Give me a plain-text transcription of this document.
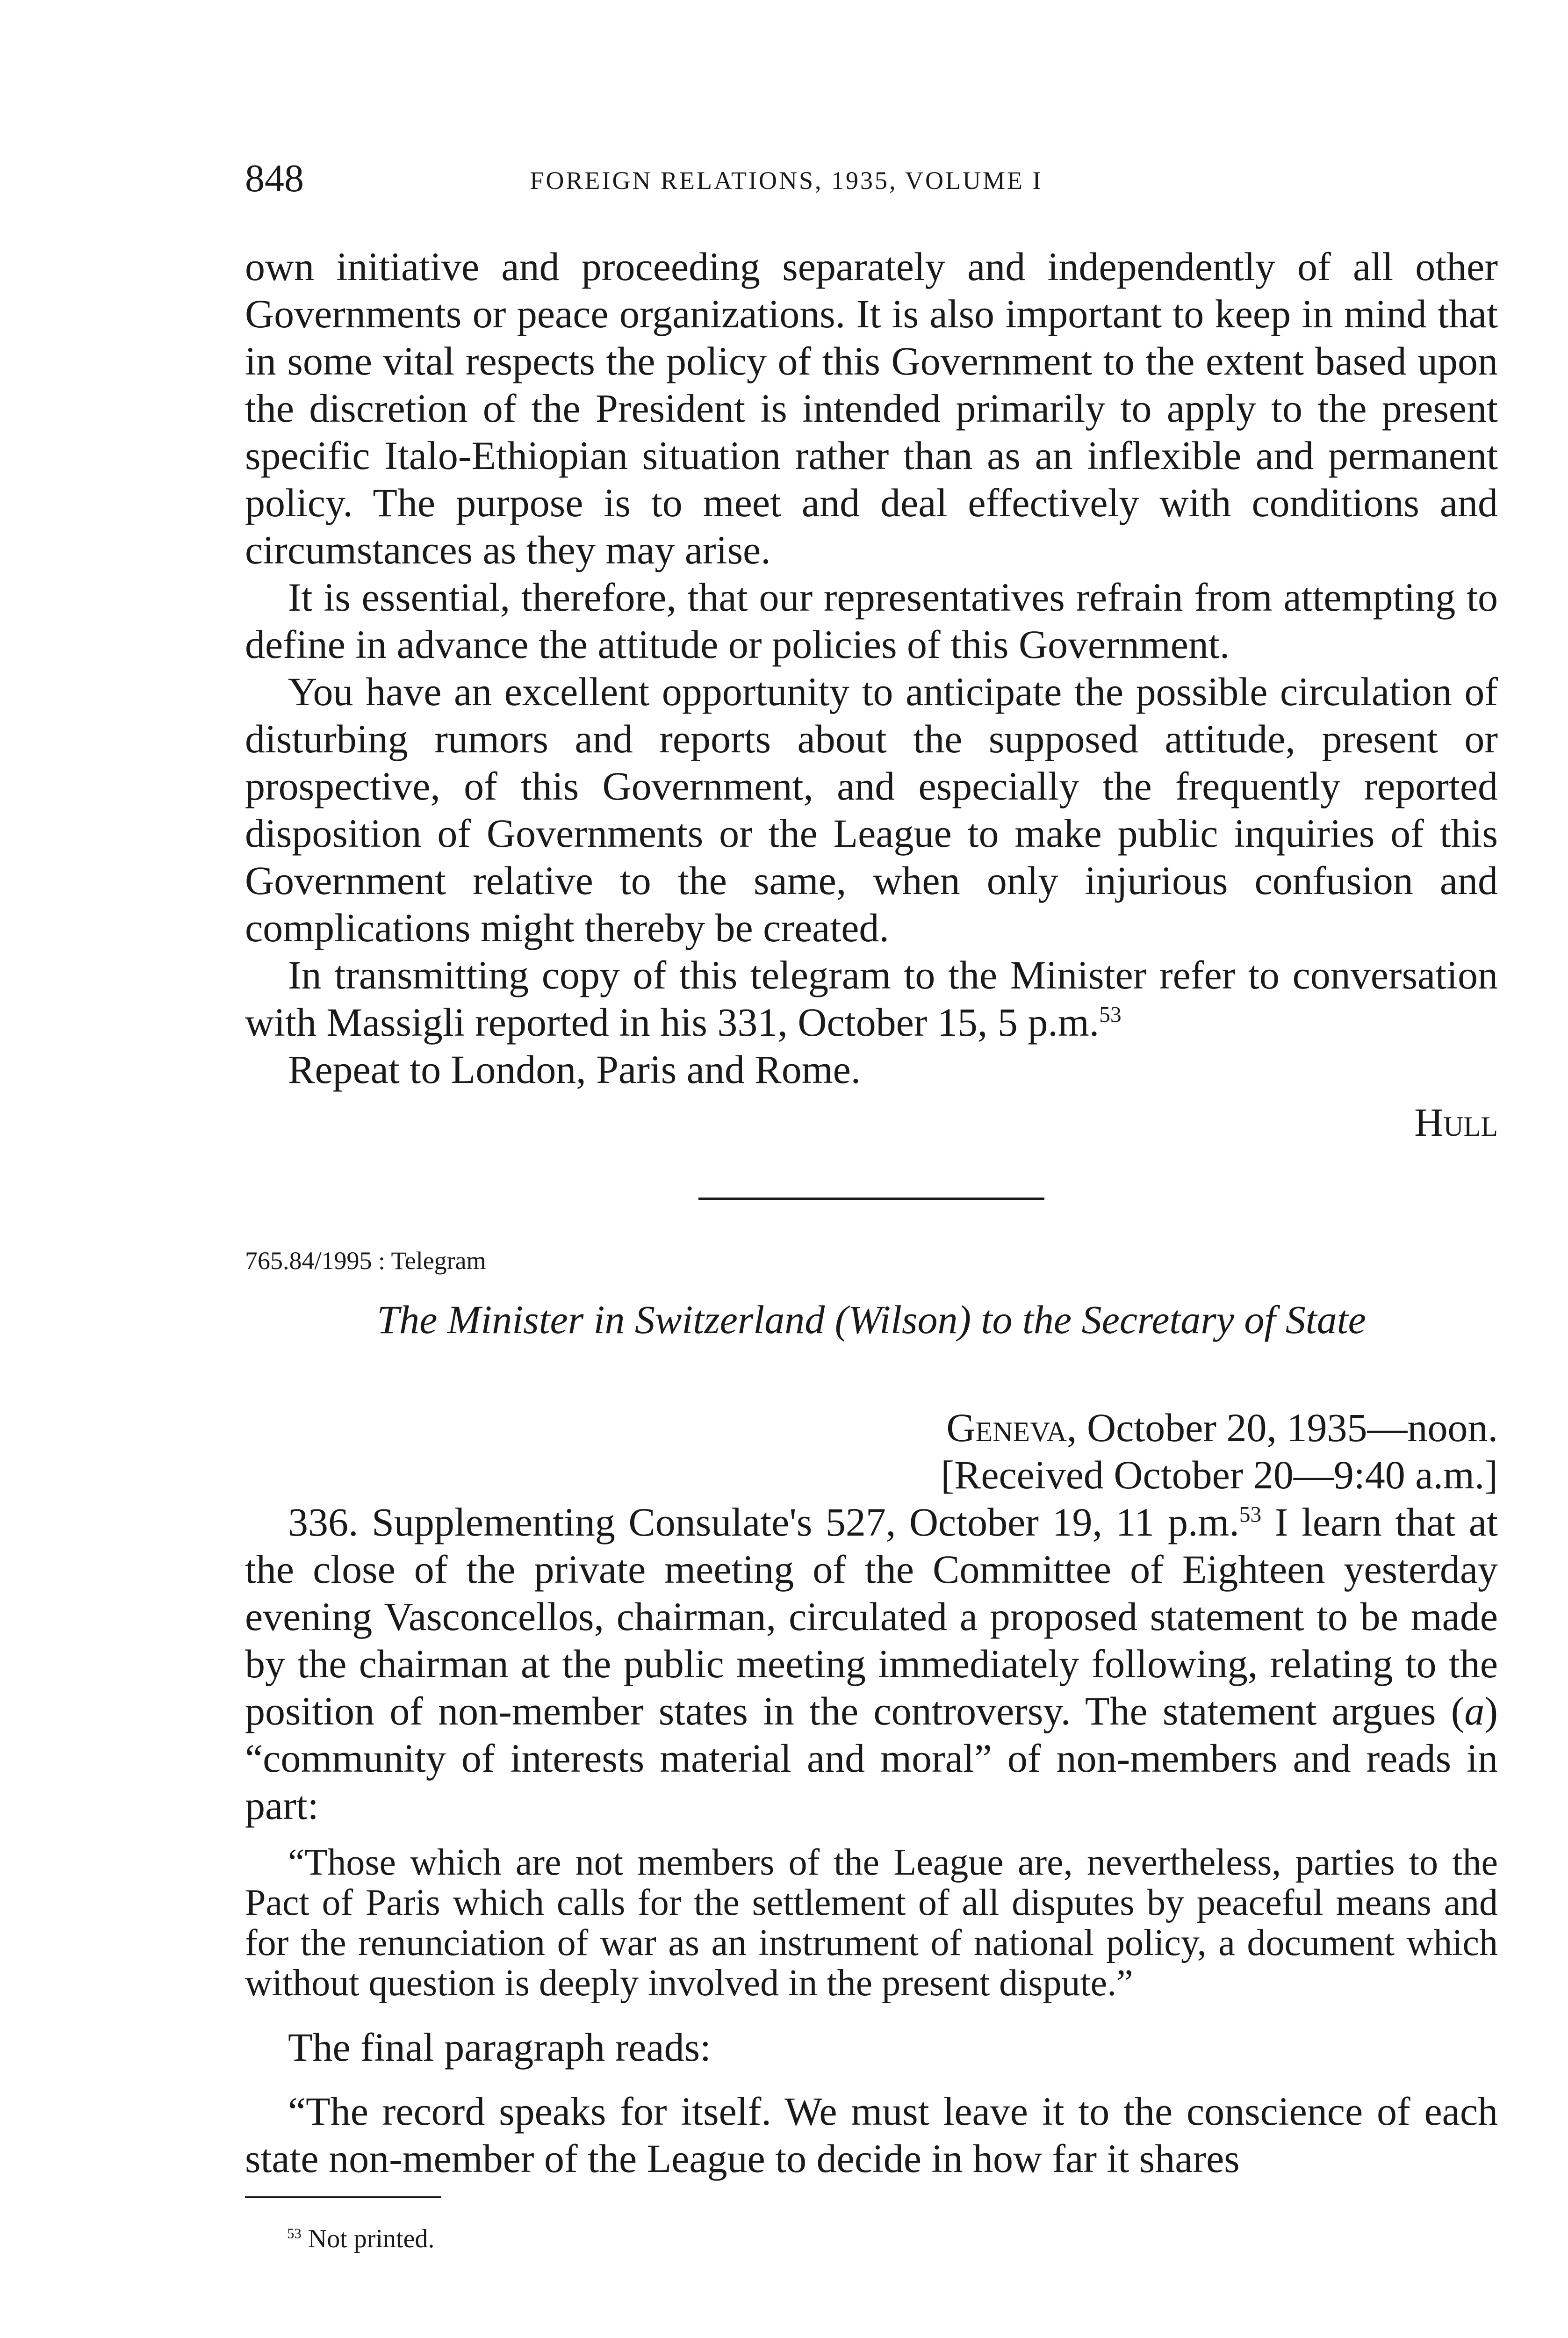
848	FOREIGN RELATIONS, 1935, VOLUME I

own initiative and proceeding separately and independently of all other Governments or peace organizations. It is also important to keep in mind that in some vital respects the policy of this Government to the extent based upon the discretion of the President is intended primarily to apply to the present specific Italo-Ethiopian situation rather than as an inflexible and permanent policy. The purpose is to meet and deal effectively with conditions and circumstances as they may arise.

It is essential, therefore, that our representatives refrain from attempting to define in advance the attitude or policies of this Government.

You have an excellent opportunity to anticipate the possible circulation of disturbing rumors and reports about the supposed attitude, present or prospective, of this Government, and especially the frequently reported disposition of Governments or the League to make public inquiries of this Government relative to the same, when only injurious confusion and complications might thereby be created.

In transmitting copy of this telegram to the Minister refer to conversation with Massigli reported in his 331, October 15, 5 p.m.$^{53}$

Repeat to London, Paris and Rome.

Hull
765.84/1995 : Telegram
The Minister in Switzerland (Wilson) to the Secretary of State
Geneva, October 20, 1935—noon.
[Received October 20—9:40 a.m.]

336. Supplementing Consulate's 527, October 19, 11 p.m.$^{53}$ I learn that at the close of the private meeting of the Committee of Eighteen yesterday evening Vasconcellos, chairman, circulated a proposed statement to be made by the chairman at the public meeting immediately following, relating to the position of non-member states in the controversy. The statement argues (a) “community of interests material and moral” of non-members and reads in part:

“Those which are not members of the League are, nevertheless, parties to the Pact of Paris which calls for the settlement of all disputes by peaceful means and for the renunciation of war as an instrument of national policy, a document which without question is deeply involved in the present dispute.”

The final paragraph reads:

“The record speaks for itself. We must leave it to the conscience of each state non-member of the League to decide in how far it shares

$^{53}$ Not printed.
